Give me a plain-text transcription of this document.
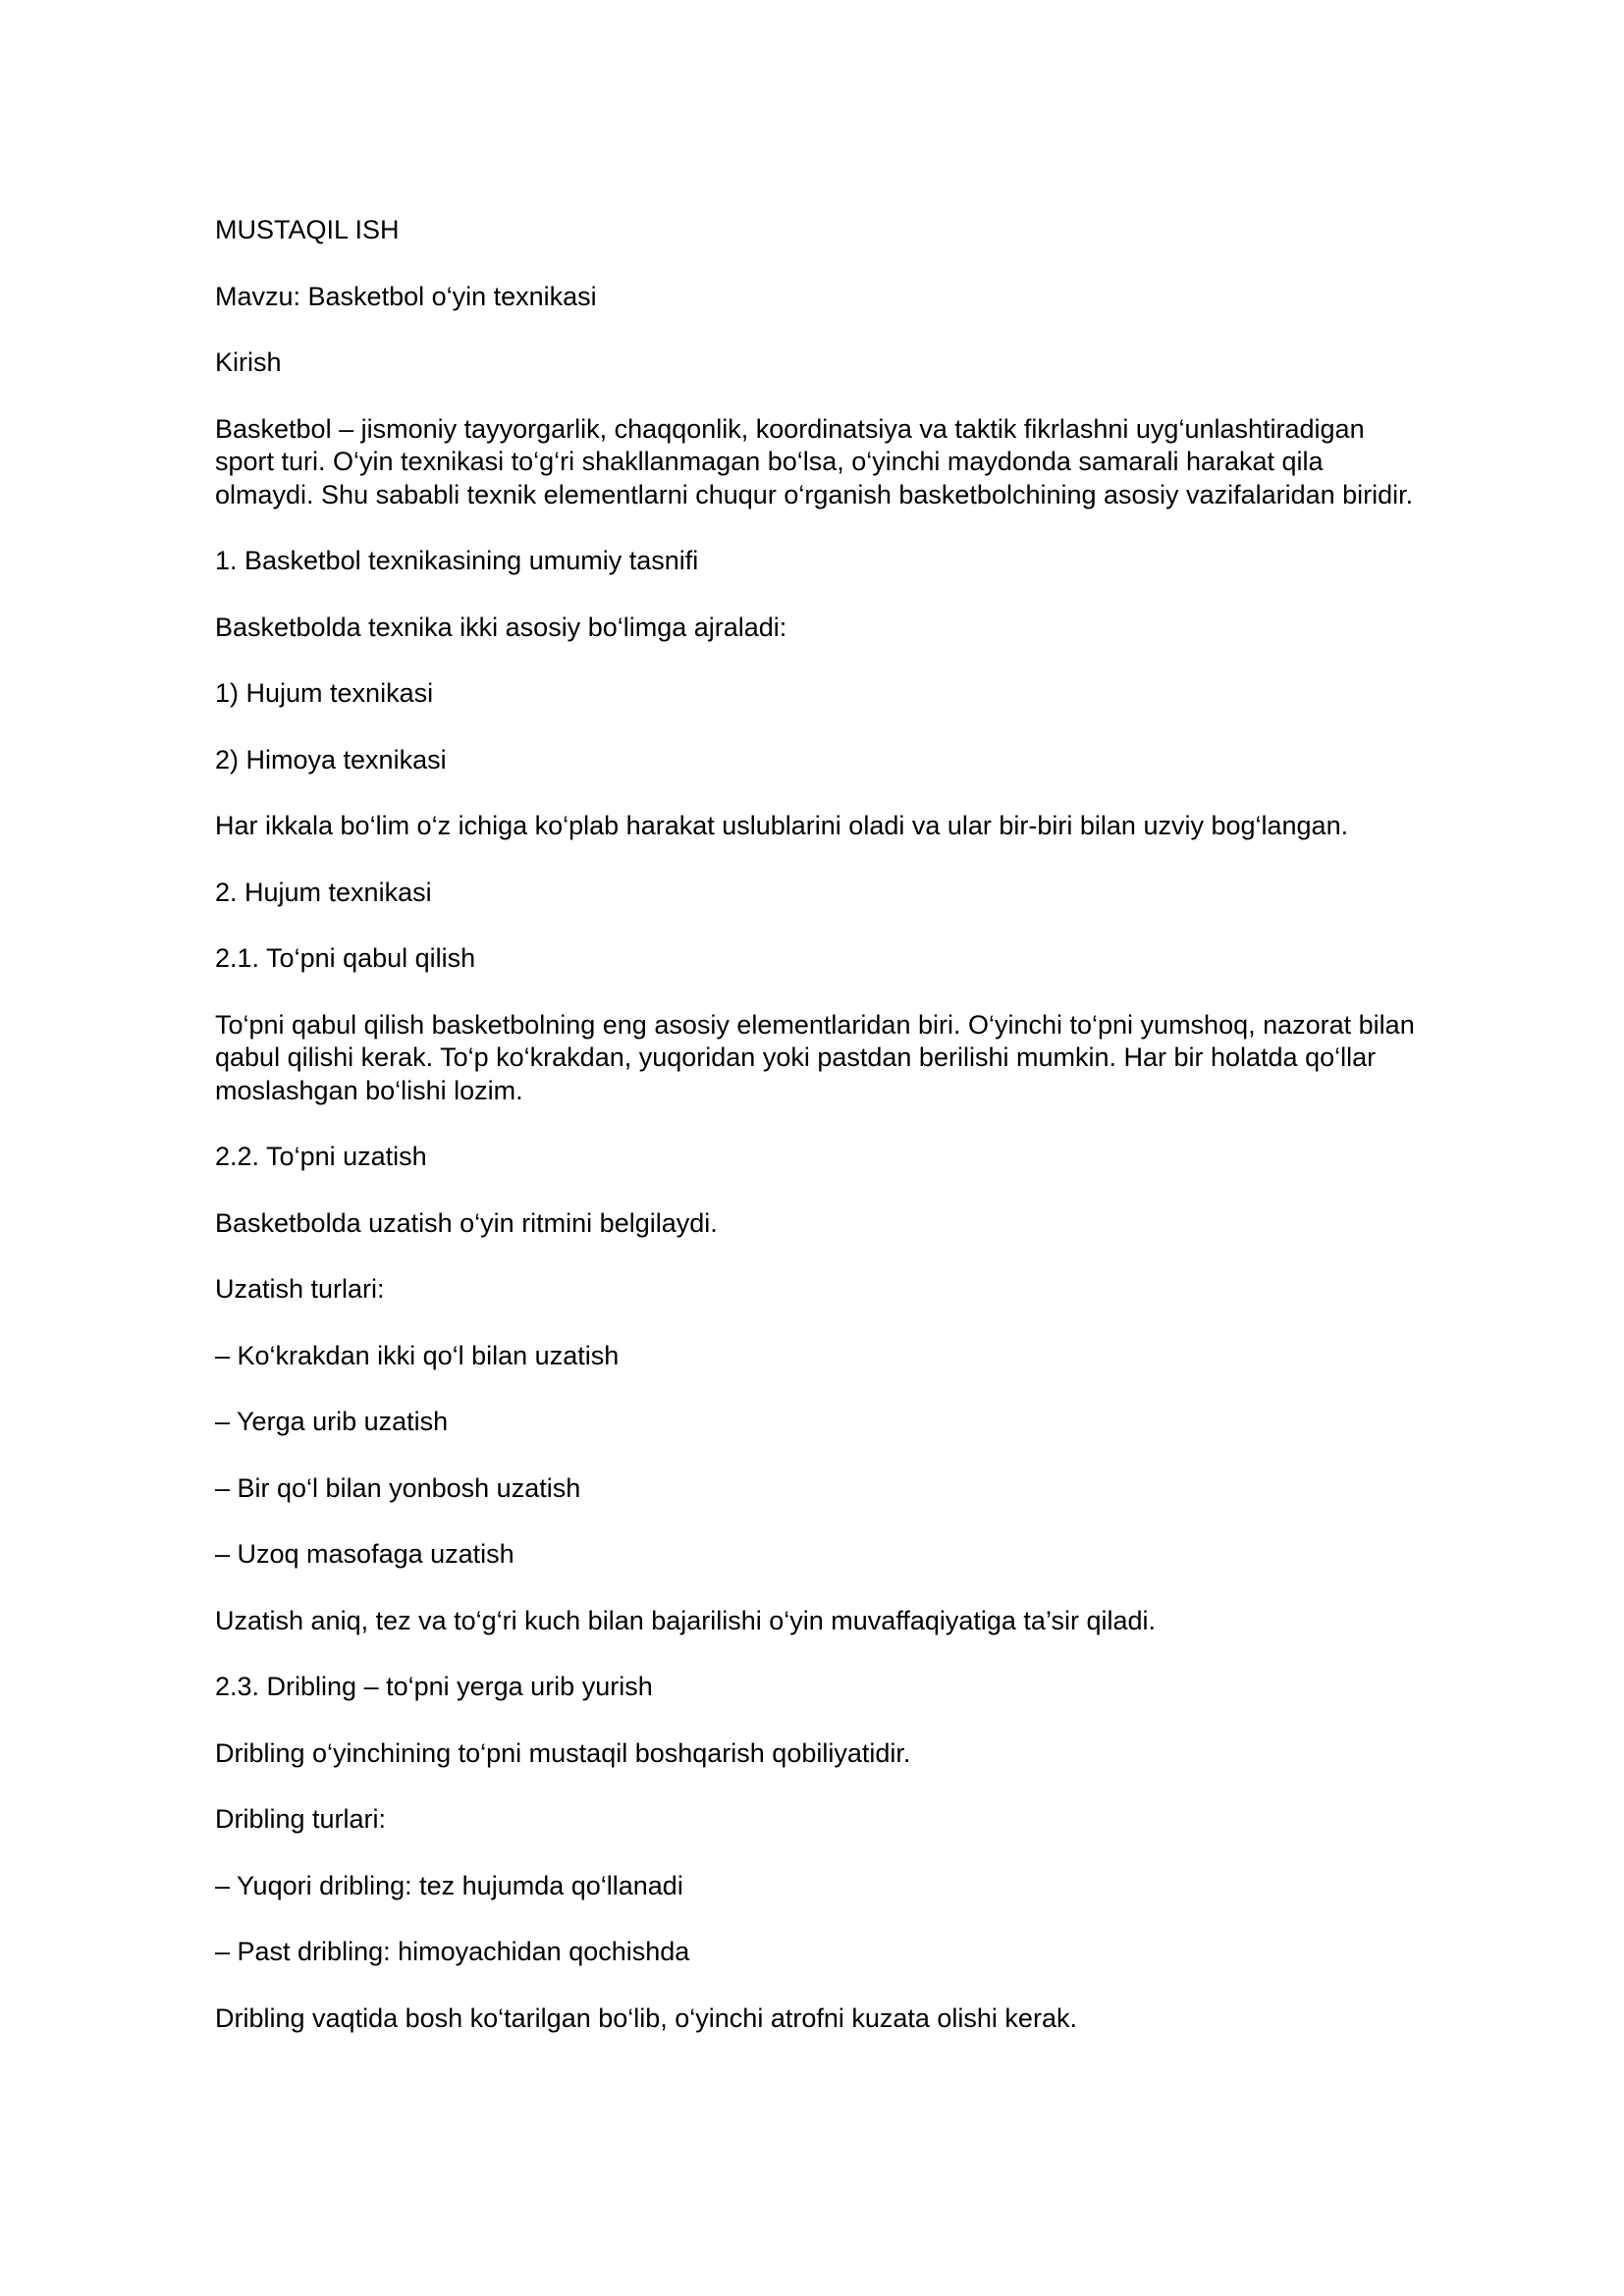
MUSTAQIL ISH

Mavzu: Basketbol o‘yin texnikasi

Kirish

Basketbol – jismoniy tayyorgarlik, chaqqonlik, koordinatsiya va taktik fikrlashni uyg‘unlashtiradigan sport turi. O‘yin texnikasi to‘g‘ri shakllanmagan bo‘lsa, o‘yinchi maydonda samarali harakat qila olmaydi. Shu sababli texnik elementlarni chuqur o‘rganish basketbolchining asosiy vazifalaridan biridir.

1. Basketbol texnikasining umumiy tasnifi

Basketbolda texnika ikki asosiy bo‘limga ajraladi:

1) Hujum texnikasi

2) Himoya texnikasi

Har ikkala bo‘lim o‘z ichiga ko‘plab harakat uslublarini oladi va ular bir-biri bilan uzviy bog‘langan.

2. Hujum texnikasi

2.1. To‘pni qabul qilish

To‘pni qabul qilish basketbolning eng asosiy elementlaridan biri. O‘yinchi to‘pni yumshoq, nazorat bilan qabul qilishi kerak. To‘p ko‘krakdan, yuqoridan yoki pastdan berilishi mumkin. Har bir holatda qo‘llar moslashgan bo‘lishi lozim.

2.2. To‘pni uzatish

Basketbolda uzatish o‘yin ritmini belgilaydi.

Uzatish turlari:

– Ko‘krakdan ikki qo‘l bilan uzatish

– Yerga urib uzatish

– Bir qo‘l bilan yonbosh uzatish

– Uzoq masofaga uzatish

Uzatish aniq, tez va to‘g‘ri kuch bilan bajarilishi o‘yin muvaffaqiyatiga ta’sir qiladi.

2.3. Dribling – to‘pni yerga urib yurish

Dribling o‘yinchining to‘pni mustaqil boshqarish qobiliyatidir.

Dribling turlari:

– Yuqori dribling: tez hujumda qo‘llanadi

– Past dribling: himoyachidan qochishda

Dribling vaqtida bosh ko‘tarilgan bo‘lib, o‘yinchi atrofni kuzata olishi kerak.
